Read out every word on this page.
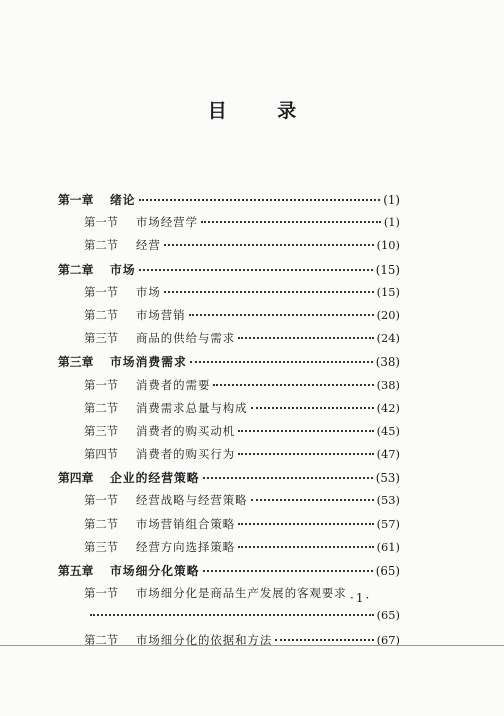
目 录
第一章	绪论	(1)
第一节	市场经营学	(1)
第二节	经营	(10)
第二章	市场	(15)
第一节	市场	(15)
第二节	市场营销	(20)
第三节	商品的供给与需求	(24)
第三章	市场消费需求	(38)
第一节	消费者的需要	(38)
第二节	消费需求总量与构成	(42)
第三节	消费者的购买动机	(45)
第四节	消费者的购买行为	(47)
第四章	企业的经营策略	(53)
第一节	经营战略与经营策略	(53)
第二节	市场营销组合策略	(57)
第三节	经营方向选择策略	(61)
第五章	市场细分化策略	(65)
第一节	市场细分化是商品生产发展的客观要求
(65)
第二节	市场细分化的依据和方法	(67)
·1·
